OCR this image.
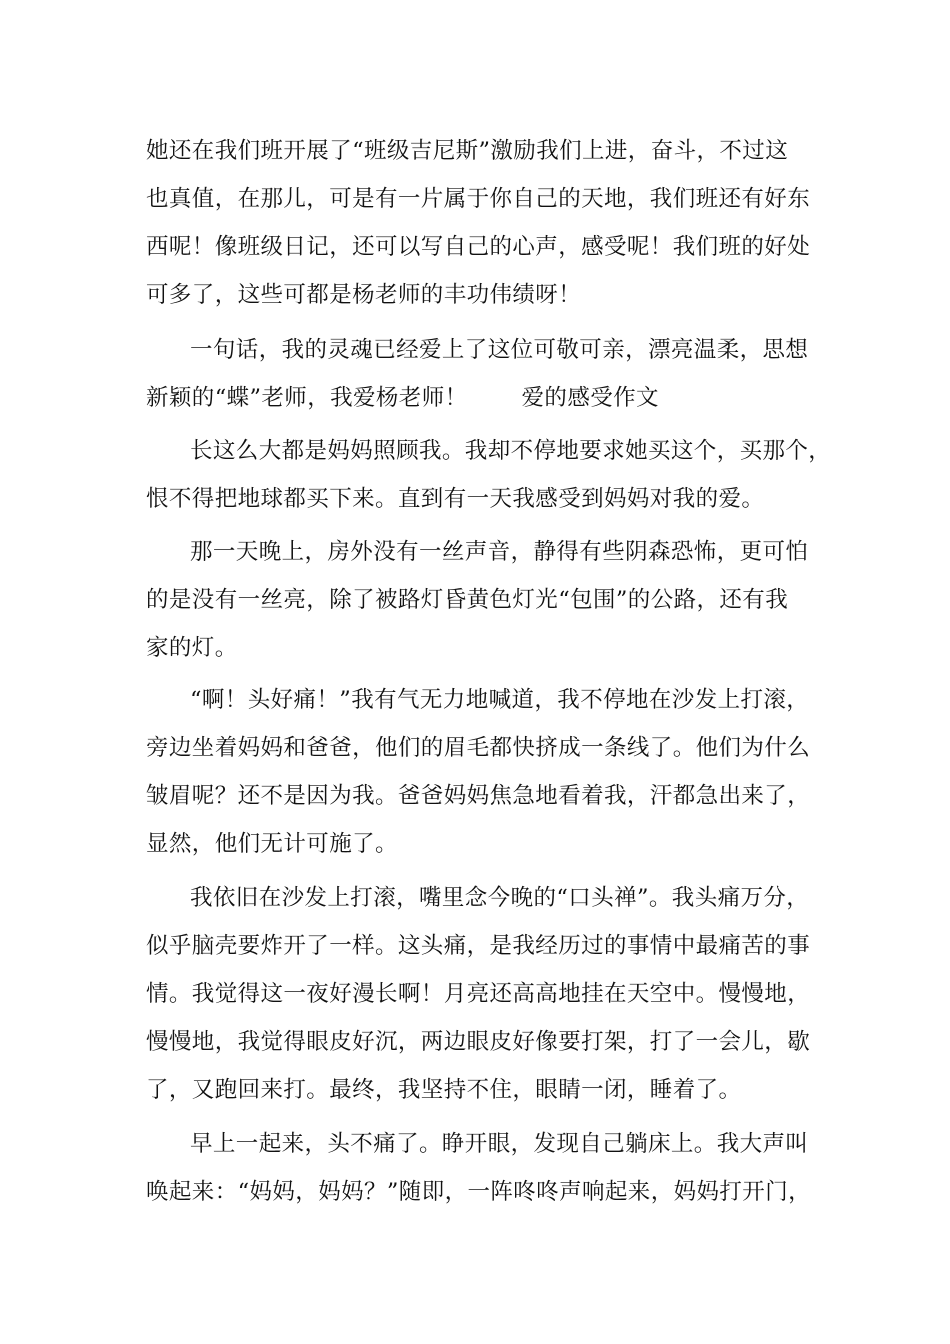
她还在我们班开展了“班级吉尼斯”激励我们上进，奋斗，不过这
也真值，在那儿，可是有一片属于你自己的天地，我们班还有好东
西呢！像班级日记，还可以写自己的心声，感受呢！我们班的好处
可多了，这些可都是杨老师的丰功伟绩呀！
一句话，我的灵魂已经爱上了这位可敬可亲，漂亮温柔，思想
新颖的“蝶”老师，我爱杨老师！ 爱的感受作文
长这么大都是妈妈照顾我。我却不停地要求她买这个，买那个，
恨不得把地球都买下来。直到有一天我感受到妈妈对我的爱。
那一天晚上，房外没有一丝声音，静得有些阴森恐怖，更可怕
的是没有一丝亮，除了被路灯昏黄色灯光“包围”的公路，还有我
家的灯。
“啊！头好痛！”我有气无力地喊道，我不停地在沙发上打滚，
旁边坐着妈妈和爸爸，他们的眉毛都快挤成一条线了。他们为什么
皱眉呢？还不是因为我。爸爸妈妈焦急地看着我，汗都急出来了，
显然，他们无计可施了。
我依旧在沙发上打滚，嘴里念今晚的“口头禅”。我头痛万分，
似乎脑壳要炸开了一样。这头痛，是我经历过的事情中最痛苦的事
情。我觉得这一夜好漫长啊！月亮还高高地挂在天空中。慢慢地，
慢慢地，我觉得眼皮好沉，两边眼皮好像要打架，打了一会儿，歇
了，又跑回来打。最终，我坚持不住，眼睛一闭，睡着了。
早上一起来，头不痛了。睁开眼，发现自己躺床上。我大声叫
唤起来：“妈妈，妈妈？”随即，一阵咚咚声响起来，妈妈打开门，
